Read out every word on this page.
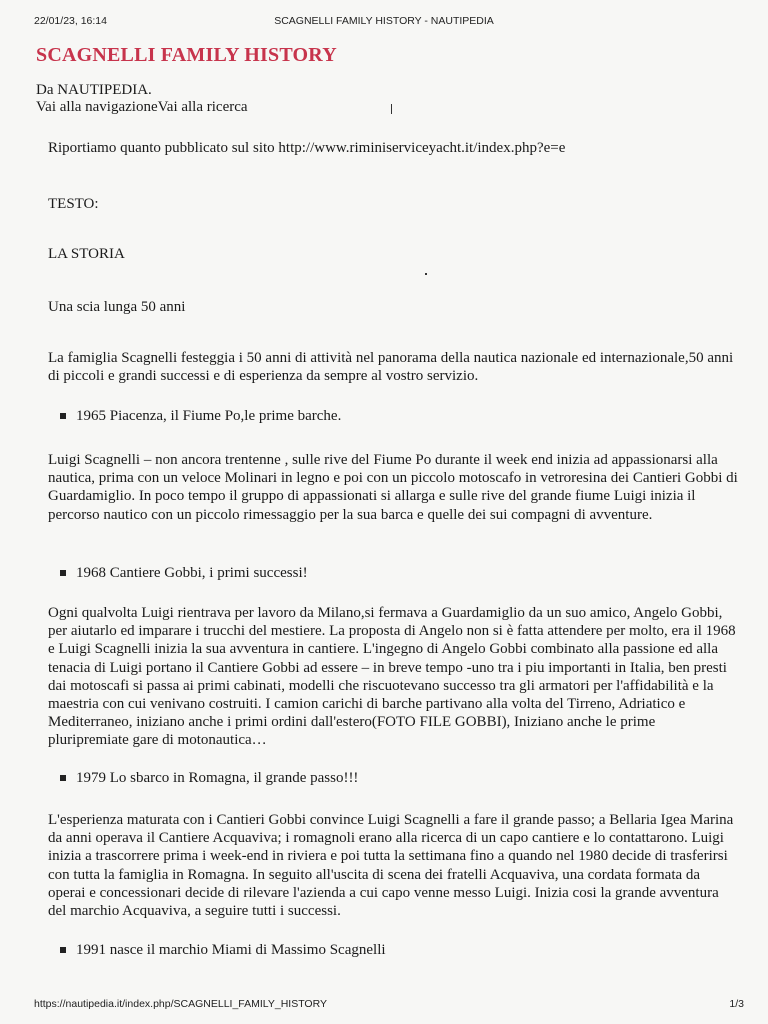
22/01/23, 16:14	SCAGNELLI FAMILY HISTORY - NAUTIPEDIA
SCAGNELLI FAMILY HISTORY
Da NAUTIPEDIA.
Vai alla navigazioneVai alla ricerca
Riportiamo quanto pubblicato sul sito http://www.riminiserviceyacht.it/index.php?e=e
TESTO:
LA STORIA
Una scia lunga 50 anni
La famiglia Scagnelli festeggia i 50 anni di attività nel panorama della nautica nazionale ed internazionale,50 anni di piccoli e grandi successi e di esperienza da sempre al vostro servizio.
1965 Piacenza, il Fiume Po,le prime barche.
Luigi Scagnelli – non ancora trentenne , sulle rive del Fiume Po durante il week end inizia ad appassionarsi alla nautica, prima con un veloce Molinari in legno e poi con un piccolo motoscafo in vetroresina dei Cantieri Gobbi di Guardamiglio. In poco tempo il gruppo di appassionati si allarga e sulle rive del grande fiume Luigi inizia il percorso nautico con un piccolo rimessaggio per la sua barca e quelle dei sui compagni di avventure.
1968 Cantiere Gobbi, i primi successi!
Ogni qualvolta Luigi rientrava per lavoro da Milano,si fermava a Guardamiglio da un suo amico, Angelo Gobbi, per aiutarlo ed imparare i trucchi del mestiere. La proposta di Angelo non si è fatta attendere per molto, era il 1968 e Luigi Scagnelli inizia la sua avventura in cantiere. L'ingegno di Angelo Gobbi combinato alla passione ed alla tenacia di Luigi portano il Cantiere Gobbi ad essere – in breve tempo -uno tra i piu importanti in Italia, ben presti dai motoscafi si passa ai primi cabinati, modelli che riscuotevano successo tra gli armatori per l'affidabilità e la maestria con cui venivano costruiti. I camion carichi di barche partivano alla volta del Tirreno, Adriatico e Mediterraneo, iniziano anche i primi ordini dall'estero(FOTO FILE GOBBI), Iniziano anche le prime pluripremiate gare di motonautica…
1979 Lo sbarco in Romagna, il grande passo!!!
L'esperienza maturata con i Cantieri Gobbi convince Luigi Scagnelli a fare il grande passo; a Bellaria Igea Marina da anni operava il Cantiere Acquaviva; i romagnoli erano alla ricerca di un capo cantiere e lo contattarono. Luigi inizia a trascorrere prima i week-end in riviera e poi tutta la settimana fino a quando nel 1980 decide di trasferirsi con tutta la famiglia in Romagna. In seguito all'uscita di scena dei fratelli Acquaviva, una cordata formata da operai e concessionari decide di rilevare l'azienda a cui capo venne messo Luigi. Inizia cosi la grande avventura del marchio Acquaviva, a seguire tutti i successi.
1991 nasce il marchio Miami di Massimo Scagnelli
https://nautipedia.it/index.php/SCAGNELLI_FAMILY_HISTORY	1/3
